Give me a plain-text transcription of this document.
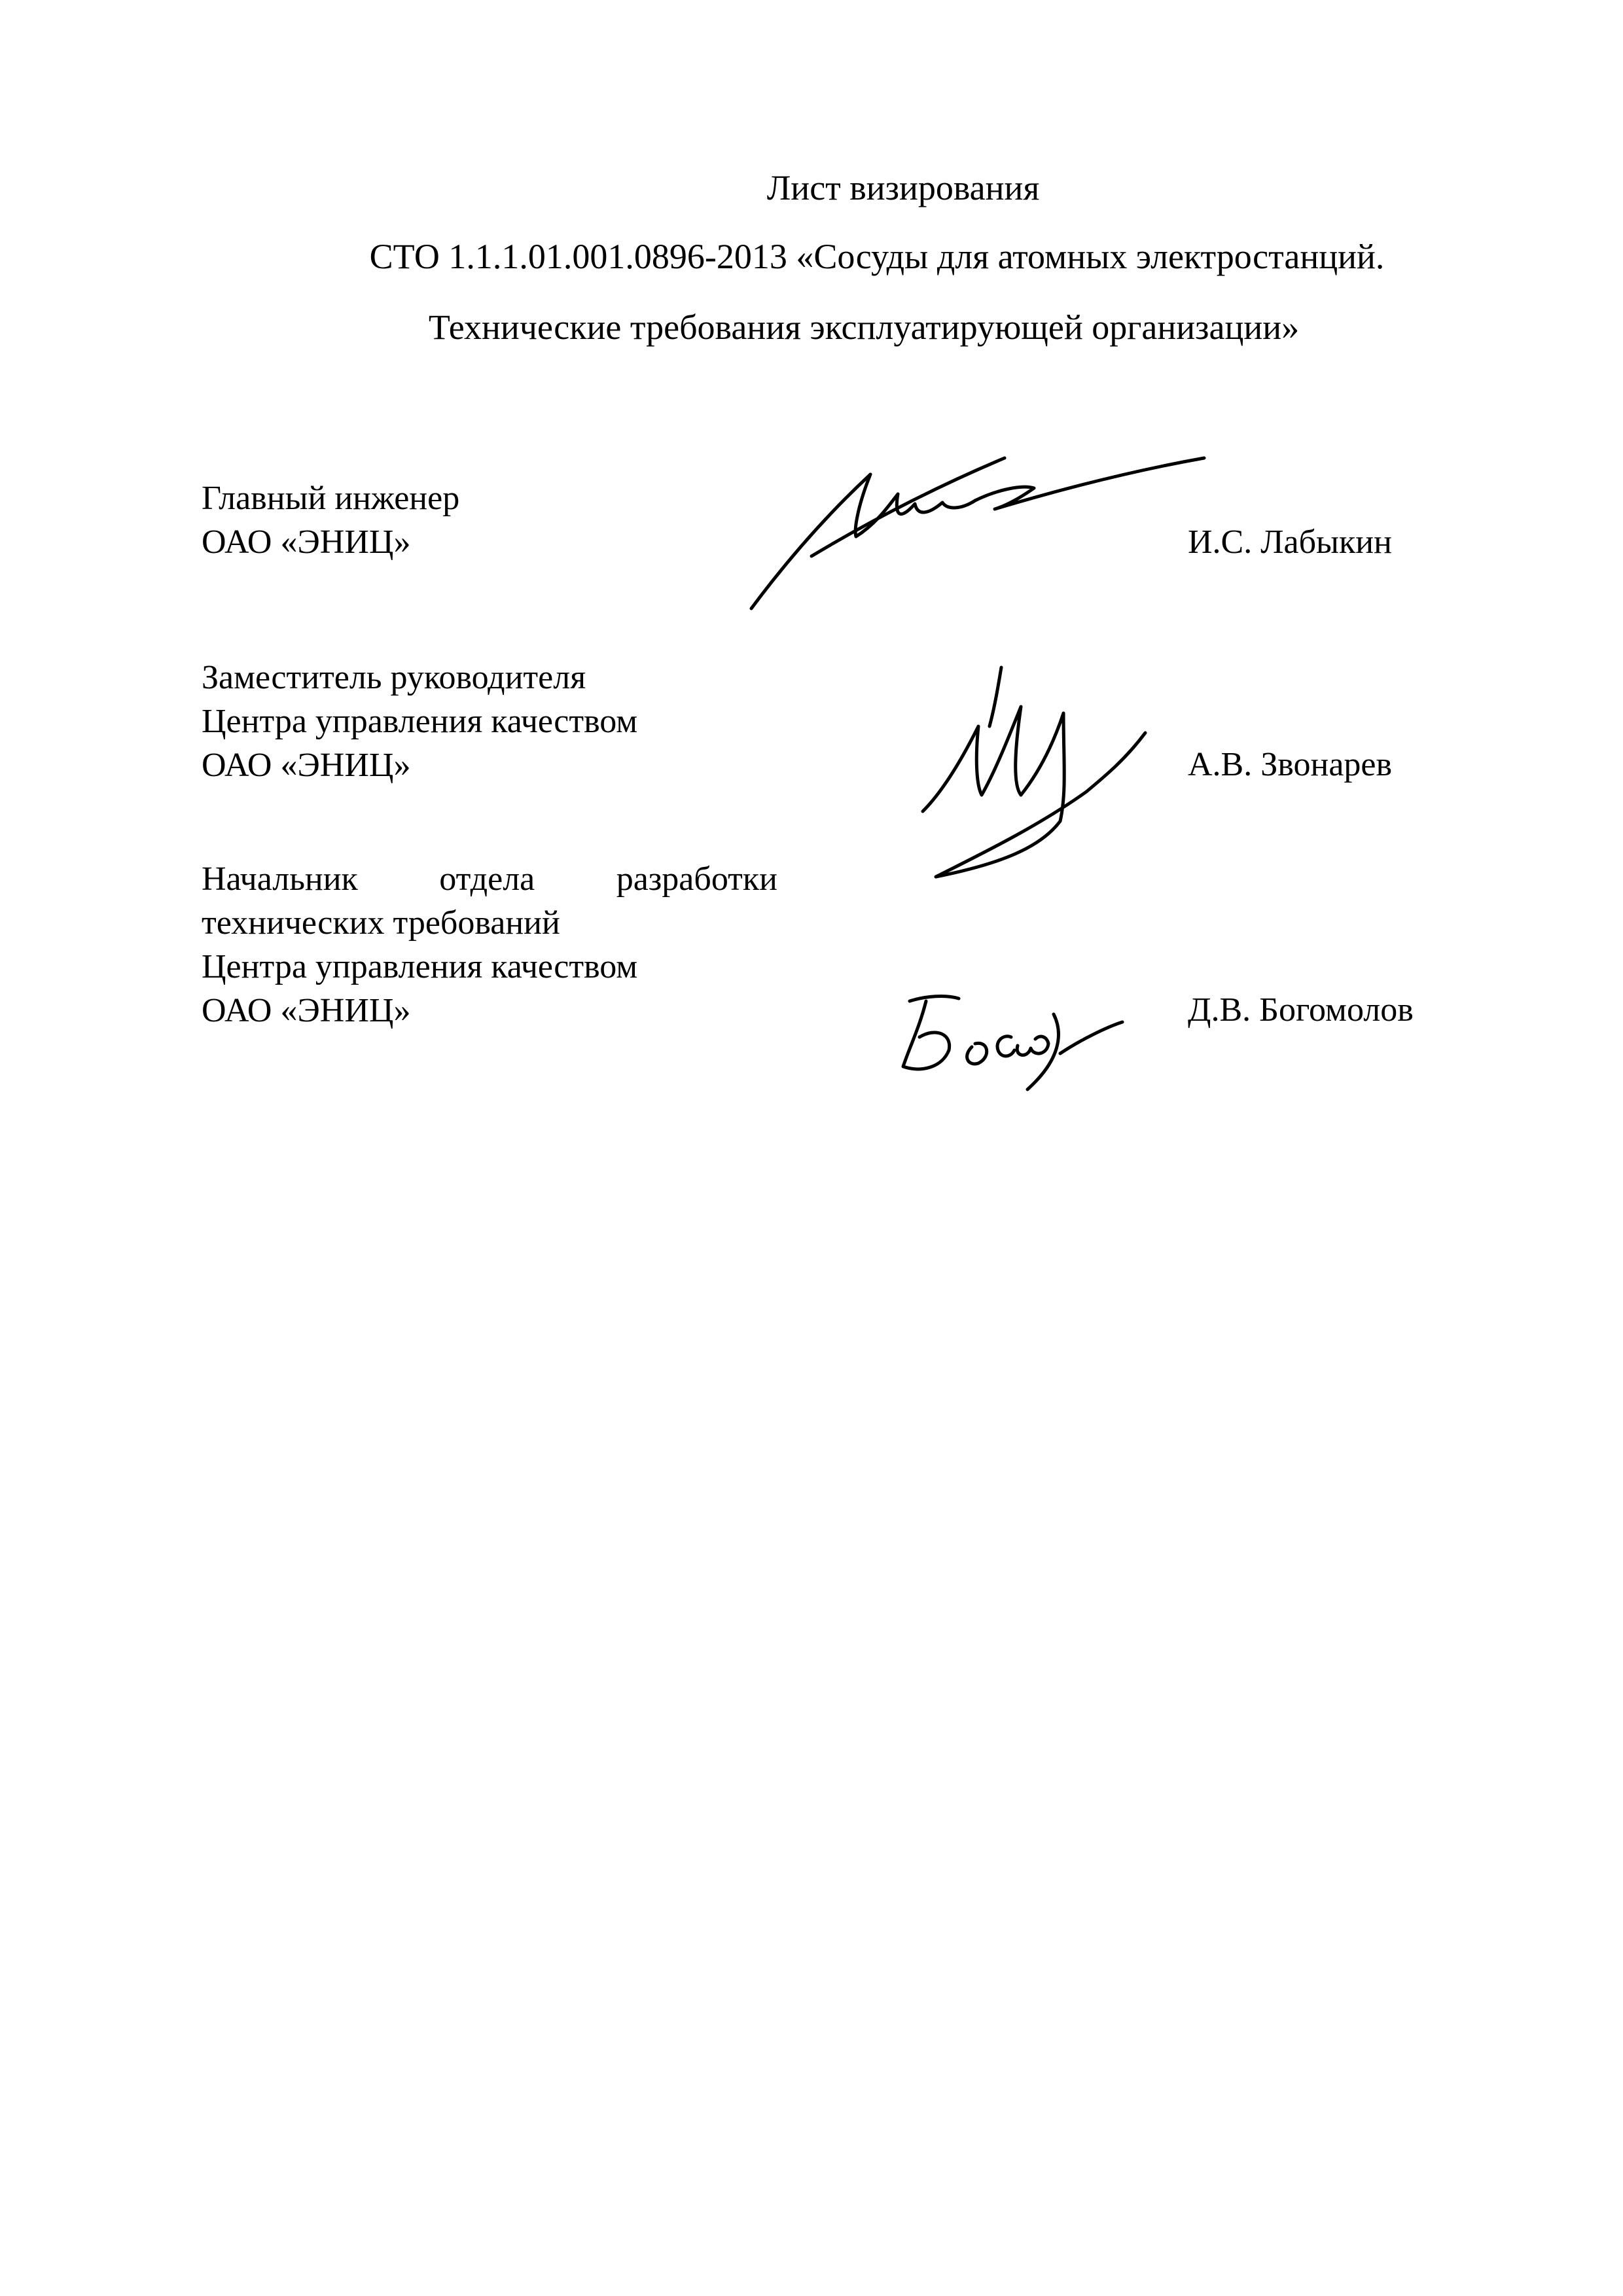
Лист визирования
СТО 1.1.1.01.001.0896-2013 «Сосуды для атомных электростанций.
Технические требования эксплуатирующей организации»
Главный инженер
ОАО «ЭНИЦ»	И.С. Лабыкин
Заместитель руководителя
Центра управления качеством
ОАО «ЭНИЦ»	А.В. Звонарев
Начальник отдела разработки
технических требований
Центра управления качеством
ОАО «ЭНИЦ»	Д.В. Богомолов
